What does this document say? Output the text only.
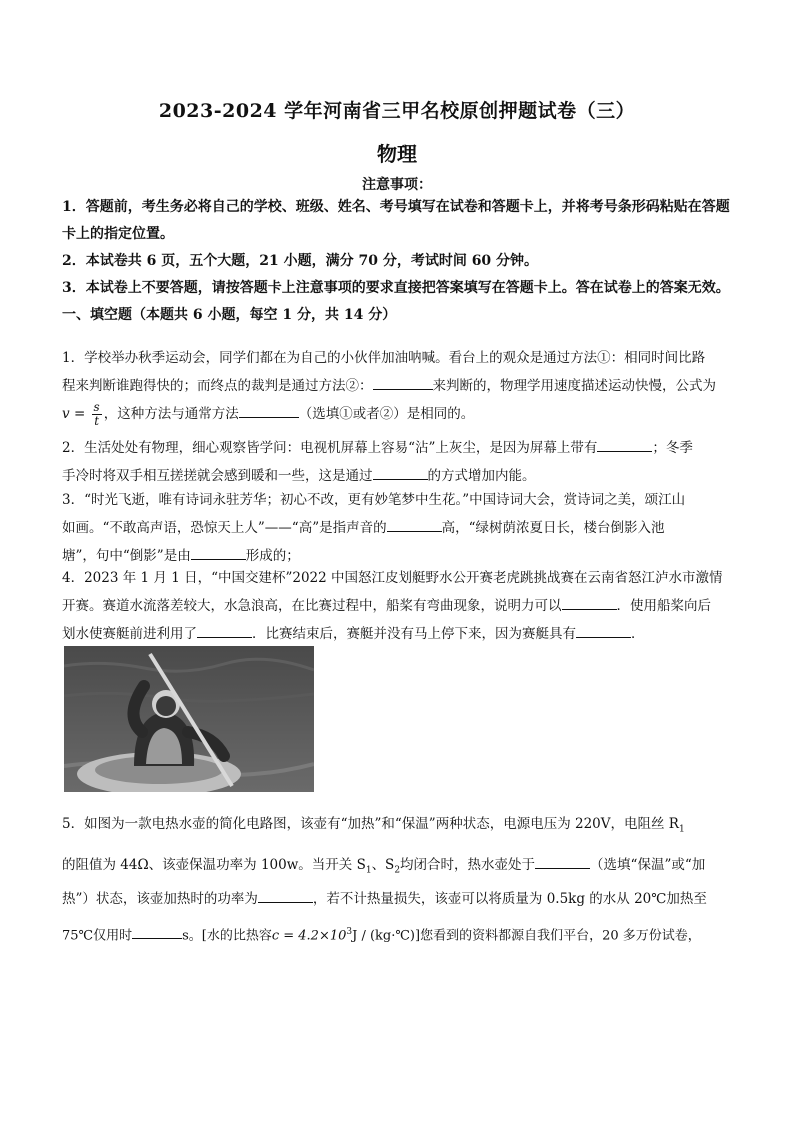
2023-2024 学年河南省三甲名校原创押题试卷（三）
物理
注意事项：
1．答题前，考生务必将自己的学校、班级、姓名、考号填写在试卷和答题卡上，并将考号条形码粘贴在答题卡上的指定位置。
2．本试卷共 6 页，五个大题，21 小题，满分 70 分，考试时间 60 分钟。
3．本试卷上不要答题，请按答题卡上注意事项的要求直接把答案填写在答题卡上。答在试卷上的答案无效。
一、填空题（本题共 6 小题，每空 1 分，共 14 分）
1．学校举办秋季运动会，同学们都在为自己的小伙伴加油呐喊。看台上的观众是通过方法①：相同时间比路
程来判断谁跑得快的；而终点的裁判是通过方法②：	来判断的，物理学用速度描述运动快慢，公式为
$v = \frac{s}{t}$ ，这种方法与通常方法	（选填①或者②）是相同的。
2．生活处处有物理，细心观察皆学问：电视机屏幕上容易“沾”上灰尘，是因为屏幕上带有	；冬季
手冷时将双手相互搓搓就会感到暖和一些，这是通过	的方式增加内能。
3．“时光飞逝，唯有诗词永驻芳华；初心不改，更有妙笔梦中生花。”中国诗词大会，赏诗词之美，颂江山
如画。“不敢高声语，恐惊天上人”——“高”是指声音的	高，“绿树荫浓夏日长，楼台倒影入池
塘”，句中“倒影”是由	形成的；
4．2023 年 1 月 1 日，“中国交建杯”2022 中国怒江皮划艇野水公开赛老虎跳挑战赛在云南省怒江泸水市激情
开赛。赛道水流落差较大，水急浪高，在比赛过程中，船桨有弯曲现象，说明力可以	．使用船桨向后
划水使赛艇前进利用了	．比赛结束后，赛艇并没有马上停下来，因为赛艇具有	．
5．如图为一款电热水壶的简化电路图，该壶有“加热”和“保温”两种状态，电源电压为 220V，电阻丝 $R_1$
的阻值为 44Ω、该壶保温功率为 100w。当开关 $S_1$、$S_2$均闭合时，热水壶处于	（选填“保温”或“加
热”）状态，该壶加热时的功率为	，若不计热量损失，该壶可以将质量为 0.5kg 的水从 20℃加热至
75℃仅用时	s。[水的比热容$c = 4.2\times 10^3J$ / (kg·℃)]您看到的资料都源自我们平台，20 多万份试卷，
